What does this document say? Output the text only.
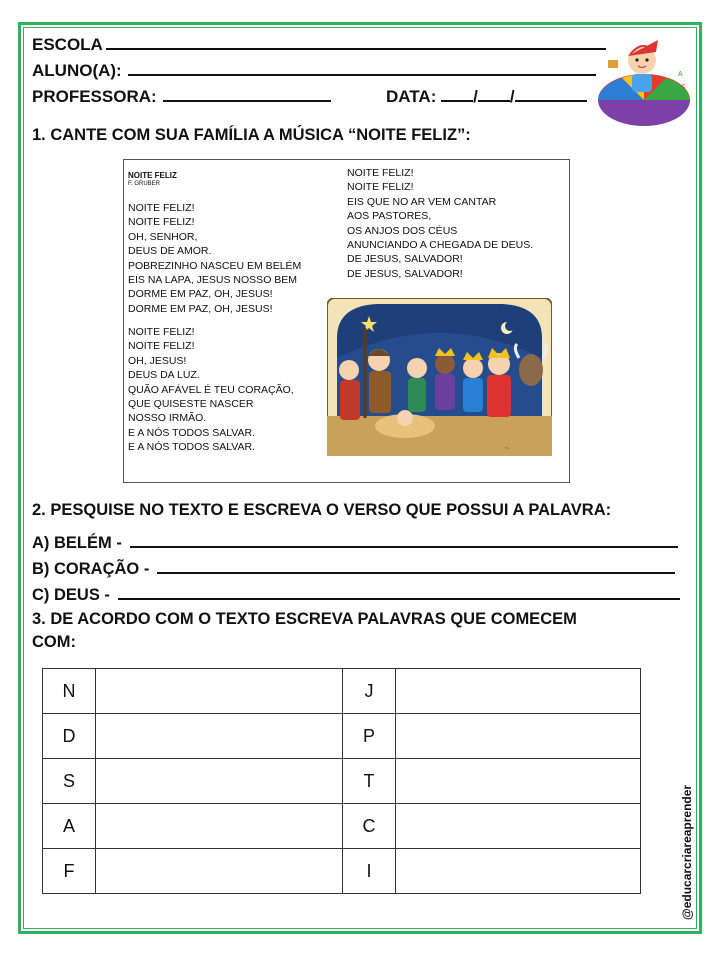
ESCOLA
ALUNO(A):
PROFESSORA:	DATA: / /
A
c
1. CANTE COM SUA FAMÍLIA A MÚSICA “NOITE FELIZ”:
NOITE FELIZ
F. GRUBER
NOITE FELIZ!
NOITE FELIZ!
OH, SENHOR,
DEUS DE AMOR.
POBREZINHO NASCEU EM BELÉM
EIS NA LAPA, JESUS NOSSO BEM
DORME EM PAZ, OH, JESUS!
DORME EM PAZ, OH, JESUS!
NOITE FELIZ!
NOITE FELIZ!
OH, JESUS!
DEUS DA LUZ.
QUÃO AFÁVEL É TEU CORAÇÃO,
QUE QUISESTE NASCER
NOSSO IRMÃO.
E A NÓS TODOS SALVAR.
E A NÓS TODOS SALVAR.
NOITE FELIZ!
NOITE FELIZ!
EIS QUE NO AR VEM CANTAR
AOS PASTORES,
OS ANJOS DOS CÉUS
ANUNCIANDO A CHEGADA DE DEUS.
DE JESUS, SALVADOR!
DE JESUS, SALVADOR!
~
2. PESQUISE NO TEXTO E ESCREVA O VERSO QUE POSSUI A PALAVRA:
A) BELÉM -
B) CORAÇÃO -
C) DEUS -
3. DE ACORDO COM O TEXTO ESCREVA PALAVRAS QUE COMECEM
COM:
N		J	
D		P	
S		T	
A		C	
F		I		@educarcriareaprender
